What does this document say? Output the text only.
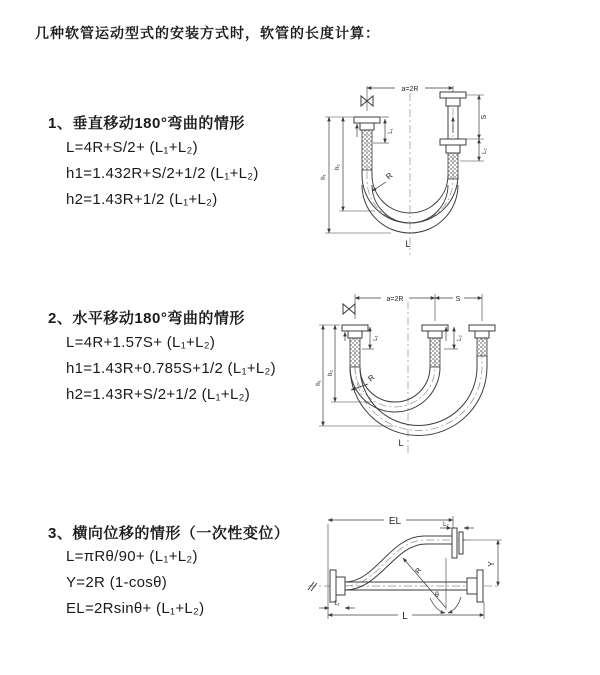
几种软管运动型式的安装方式时，软管的长度计算：
1、垂直移动180°弯曲的情形
L=4R+S/2+ (L₁+L₂)
h1=1.432R+S/2+1/2 (L₁+L₂)
h2=1.43R+1/2 (L₁+L₂)
2、水平移动180°弯曲的情形
L=4R+1.57S+ (L₁+L₂)
h1=1.43R+0.785S+1/2 (L₁+L₂)
h2=1.43R+S/2+1/2 (L₁+L₂)
3、横向位移的情形（一次性变位）
L=πRθ/90+ (L₁+L₂)
Y=2R (1-cosθ)
EL=2Rsinθ+ (L₁+L₂)
a=2R
S
L₂
h₁
h₂
L₁
R
L
a=2R	S
h₁
h₂
L₁	L₂
R
L
R
θ
EL	L₂
Y
L
L₁
